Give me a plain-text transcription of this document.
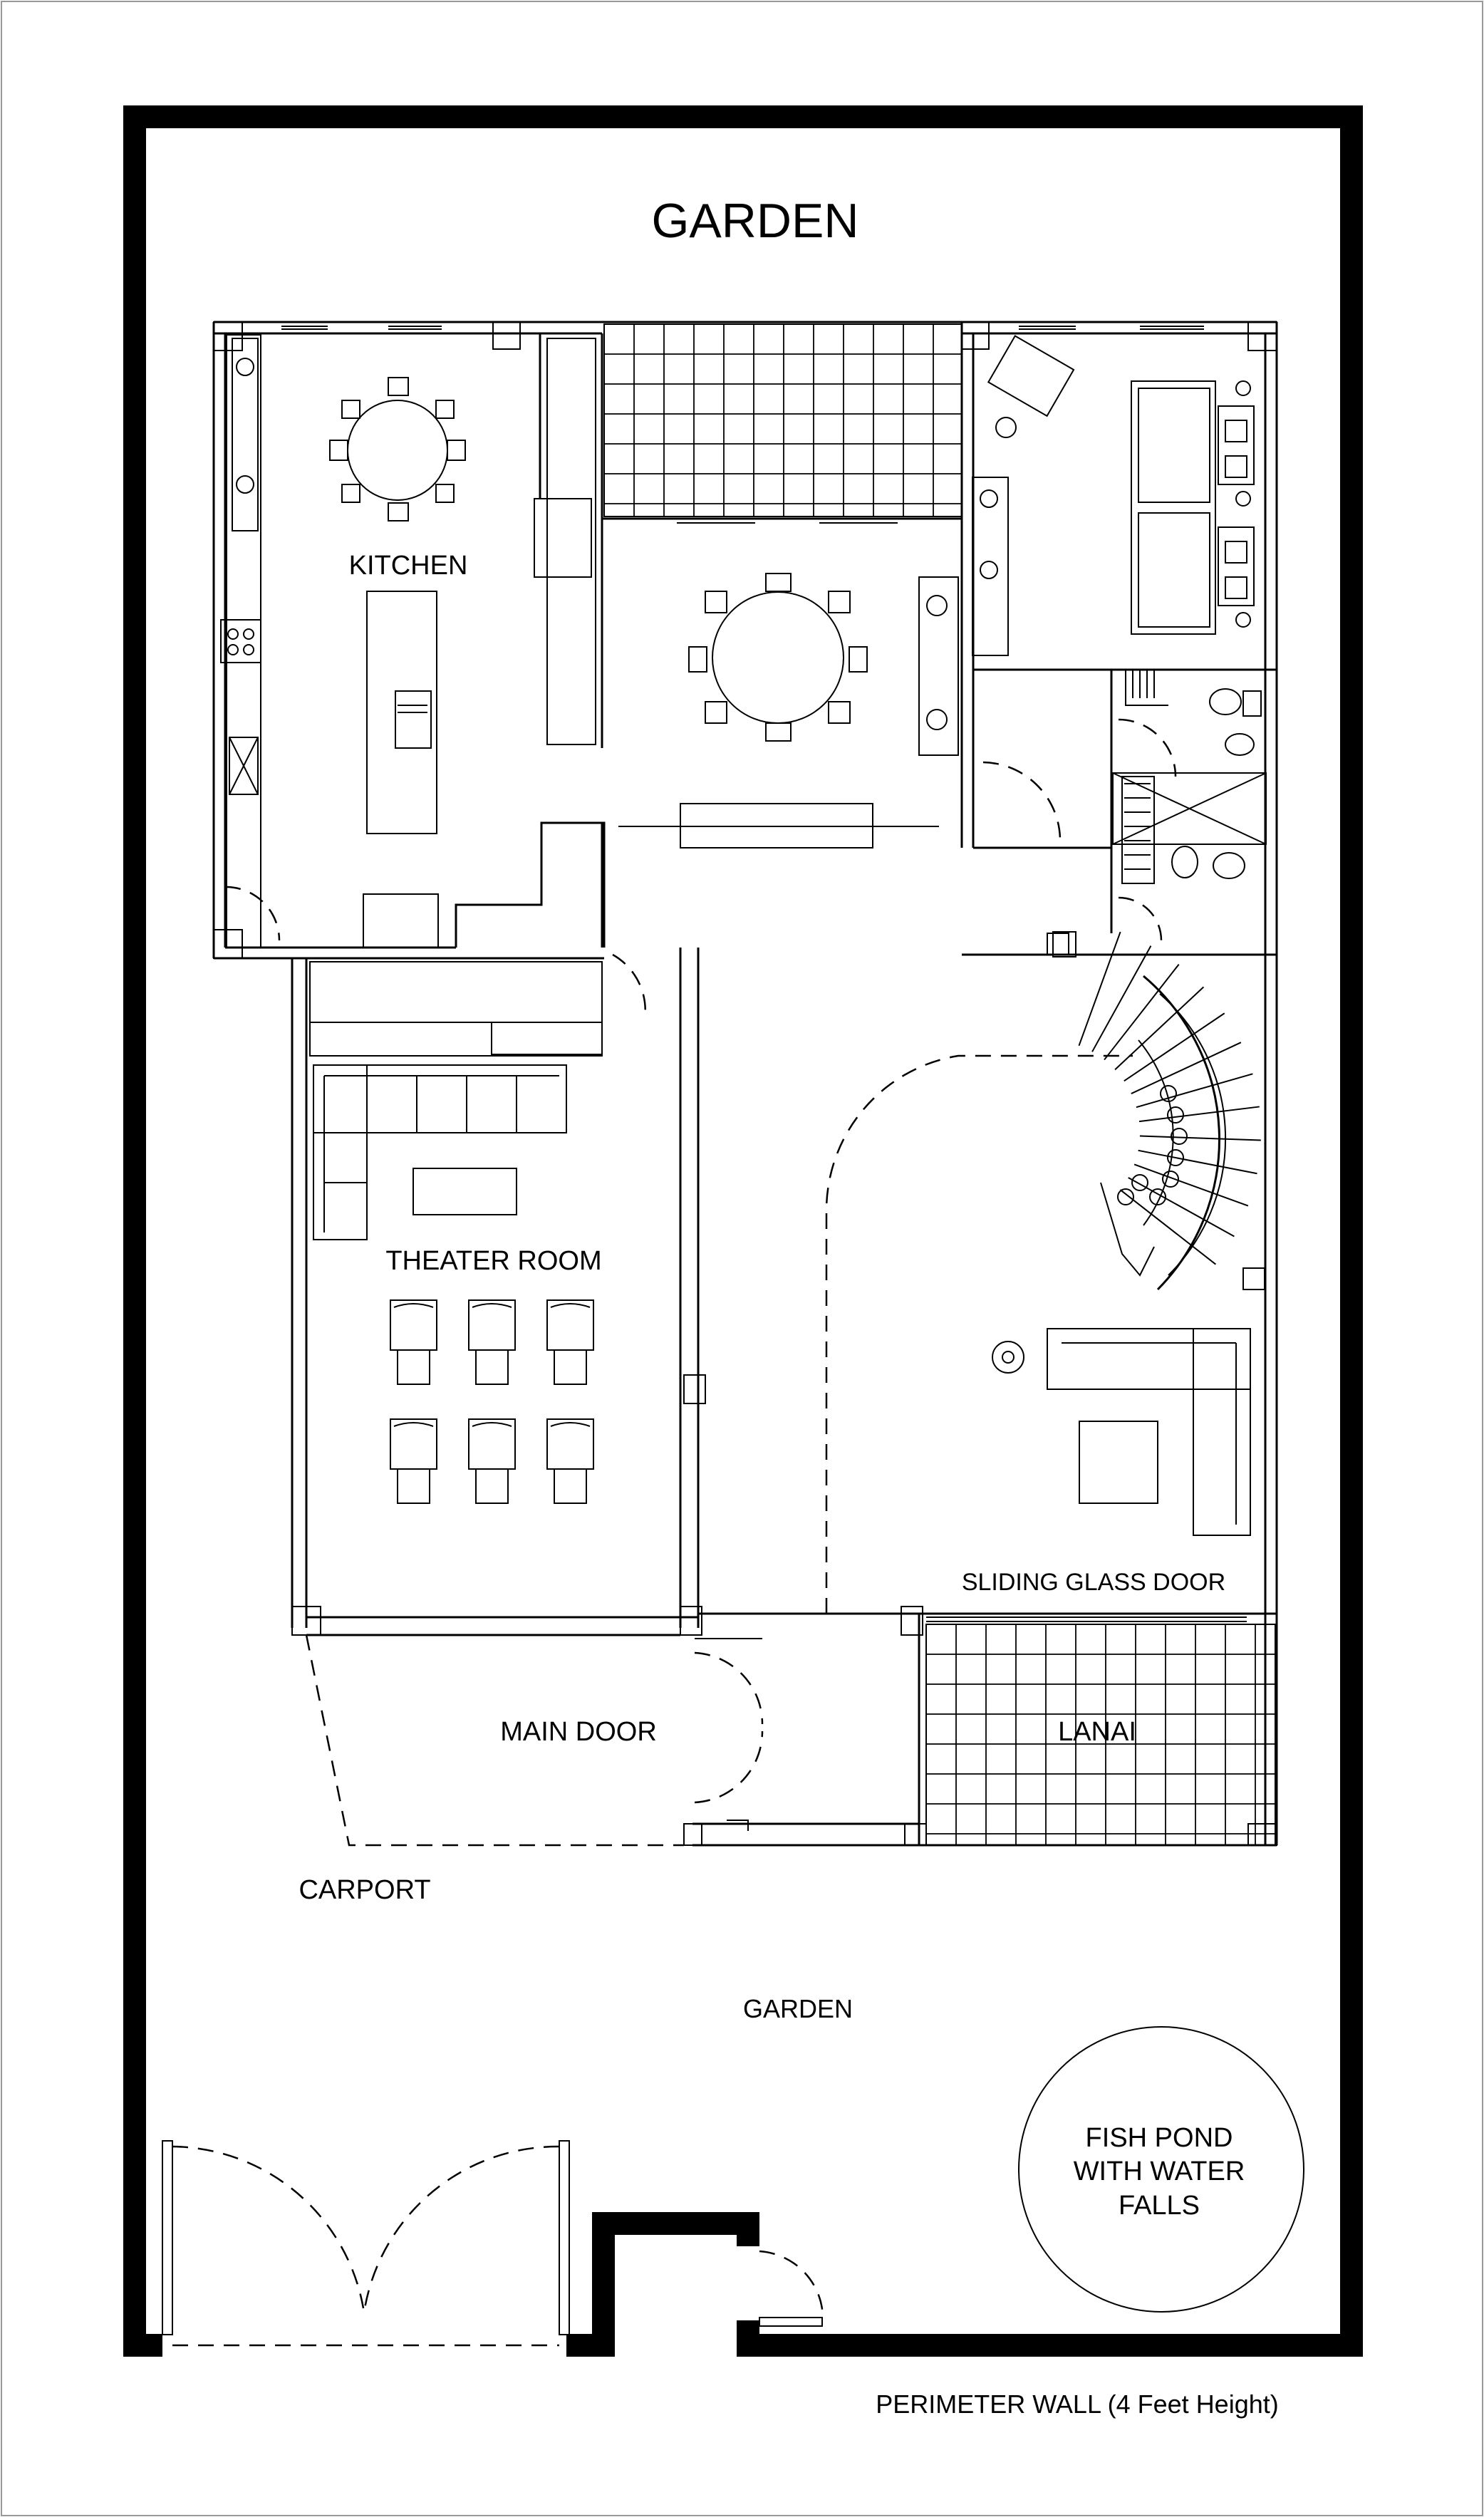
GARDEN
KITCHEN
THEATER ROOM
SLIDING GLASS DOOR
MAIN DOOR	LANAI
CARPORT
GARDEN
FISH POND
WITH WATER
FALLS
PERIMETER WALL (4 Feet Height)
